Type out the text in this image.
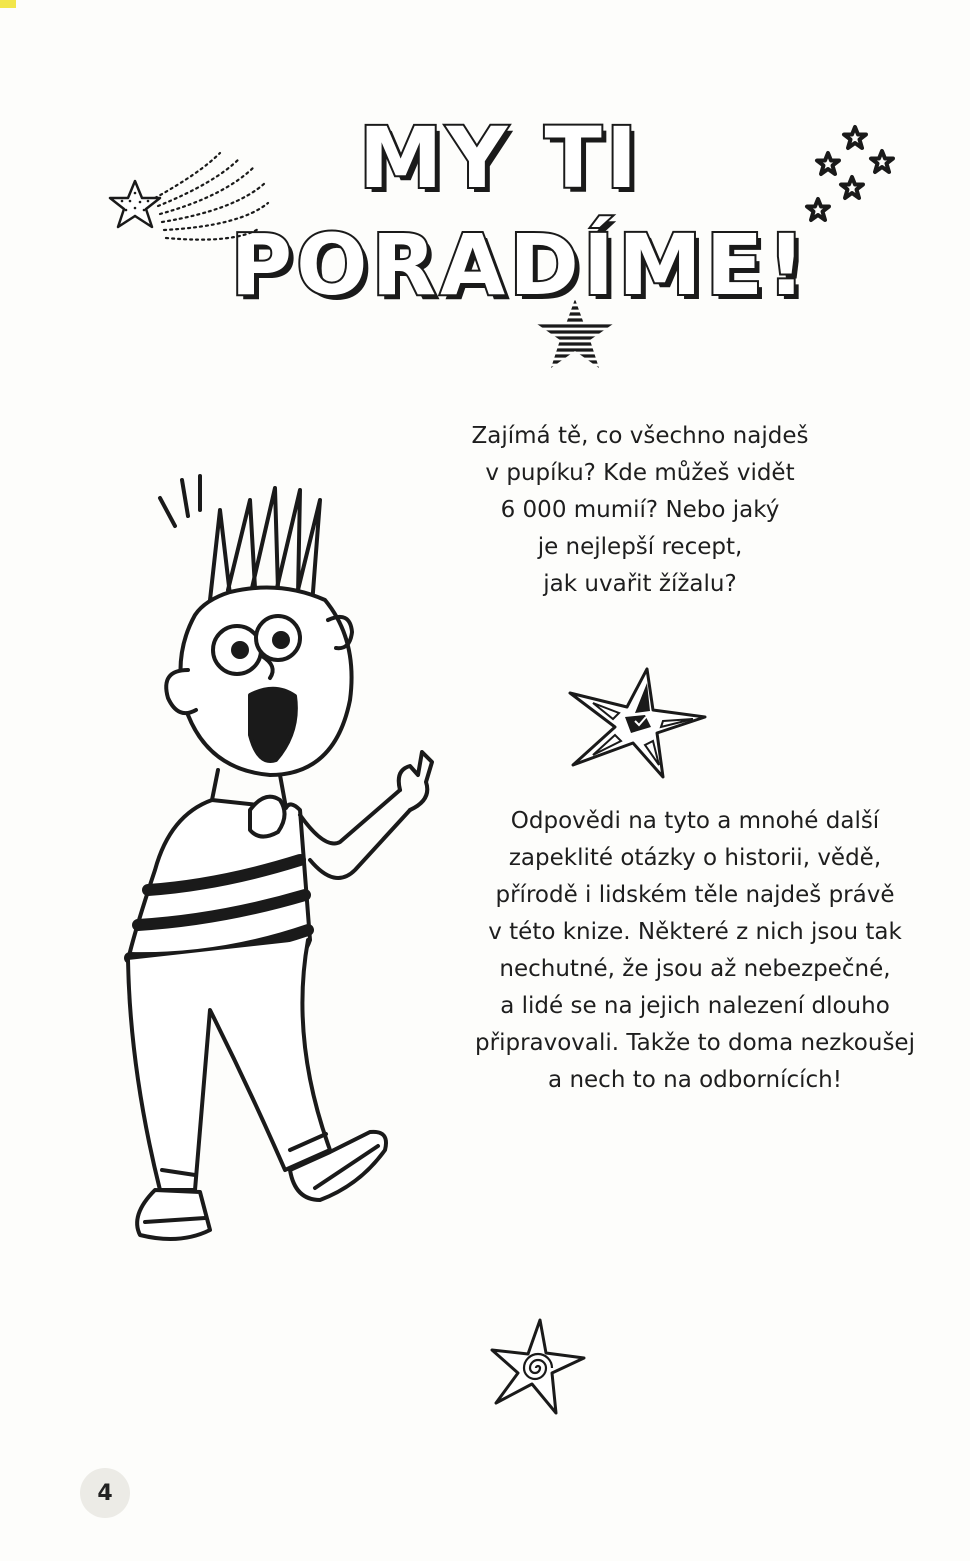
MY TI
PORADÍME!

Zajímá tě, co všechno najdeš
v pupíku? Kde můžeš vidět
6 000 mumií? Nebo jaký
je nejlepší recept,
jak uvařit žížalu?

Odpovědi na tyto a mnohé další
zapeklité otázky o historii, vědě,
přírodě i lidském těle najdeš právě
v této knize. Některé z nich jsou tak
nechutné, že jsou až nebezpečné,
a lidé se na jejich nalezení dlouho
připravovali. Takže to doma nezkoušej
a nech to na odbornících!

4
